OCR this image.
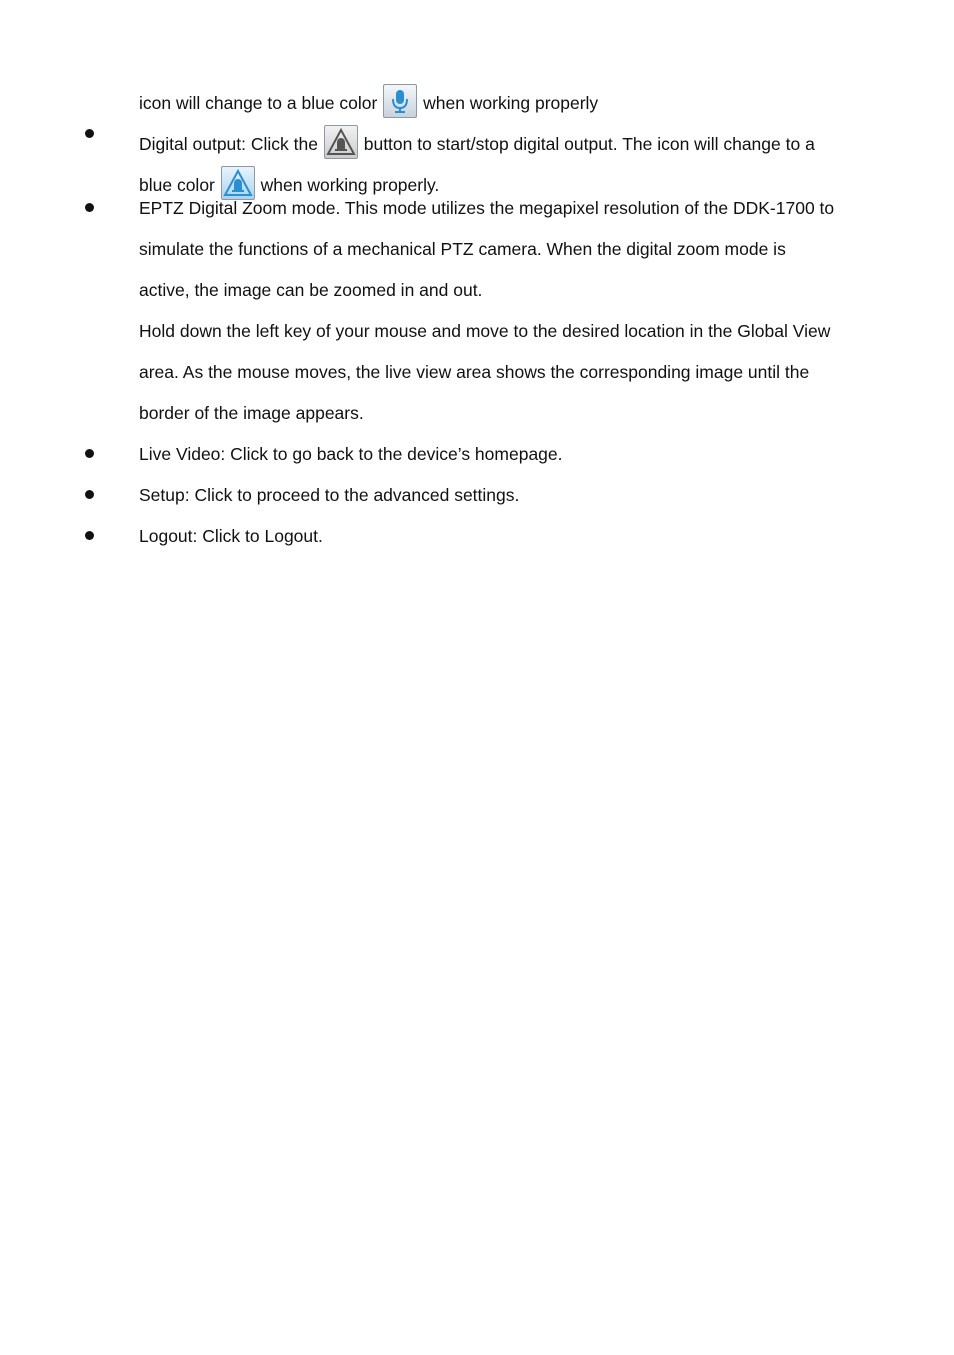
icon will change to a blue color	when working properly
Digital output: Click the	button to start/stop digital output. The icon will change to a
blue color	when working properly.
EPTZ Digital Zoom mode. This mode utilizes the megapixel resolution of the DDK-1700 to
simulate the functions of a mechanical PTZ camera. When the digital zoom mode is
active, the image can be zoomed in and out.
Hold down the left key of your mouse and move to the desired location in the Global View
area. As the mouse moves, the live view area shows the corresponding image until the
border of the image appears.
Live Video: Click to go back to the device’s homepage.
Setup: Click to proceed to the advanced settings.
Logout: Click to Logout.
